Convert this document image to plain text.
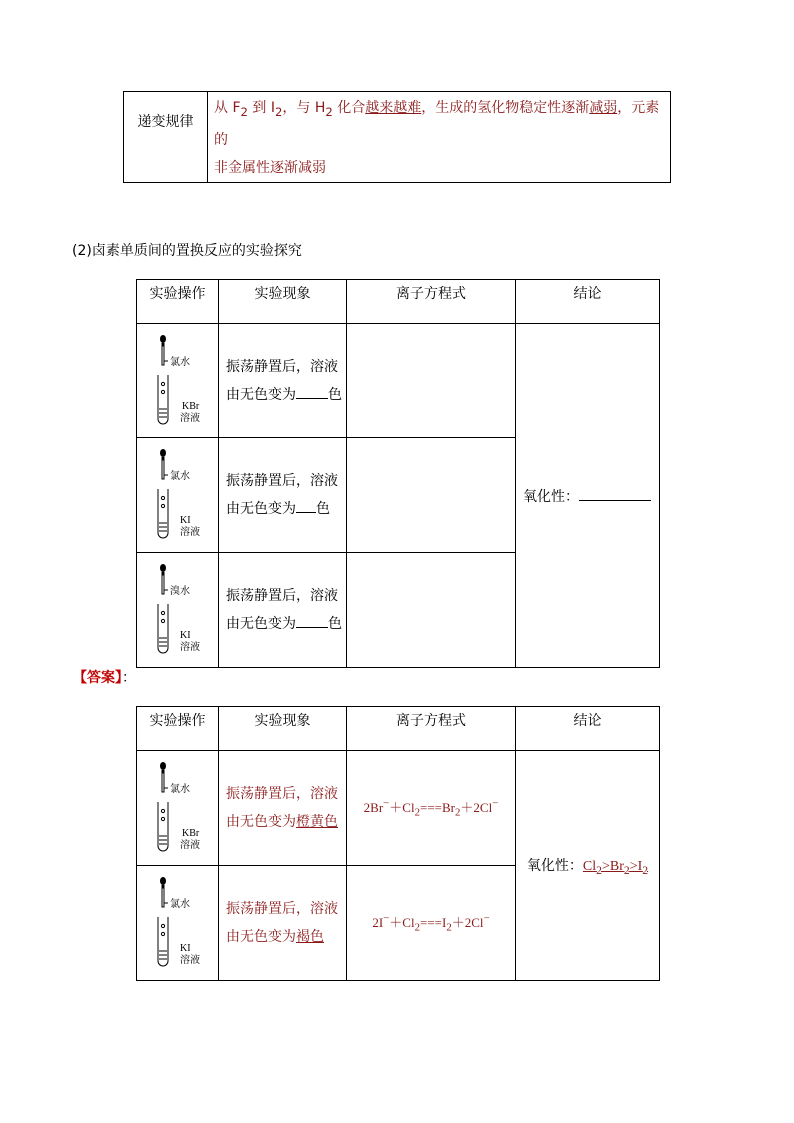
递变规律	从 $F_2$ 到 $I_2$，与 $H_2$ 化合越来越难，生成的氢化物稳定性逐渐减弱，元素的
非金属性逐渐减弱
(2)卤素单质间的置换反应的实验探究
实验操作	实验现象	离子方程式	结论

氯水
KBr
溶液	振荡静置后，溶液
由无色变为 色		氧化性：

氯水
KI
溶液	振荡静置后，溶液
由无色变为 色		

溴水
KI
溶液	振荡静置后，溶液
由无色变为 色		
【答案】：
实验操作	实验现象	离子方程式	结论

氯水
KBr
溶液	振荡静置后，溶液
由无色变为橙黄色	$2Br^-+Cl_2===Br_2+2Cl^-$	氧化性：$Cl_2>Br_2>I_2$

氯水
KI
溶液	振荡静置后，溶液
由无色变为褐色	$2I^-+Cl_2===I_2+2Cl^-$
